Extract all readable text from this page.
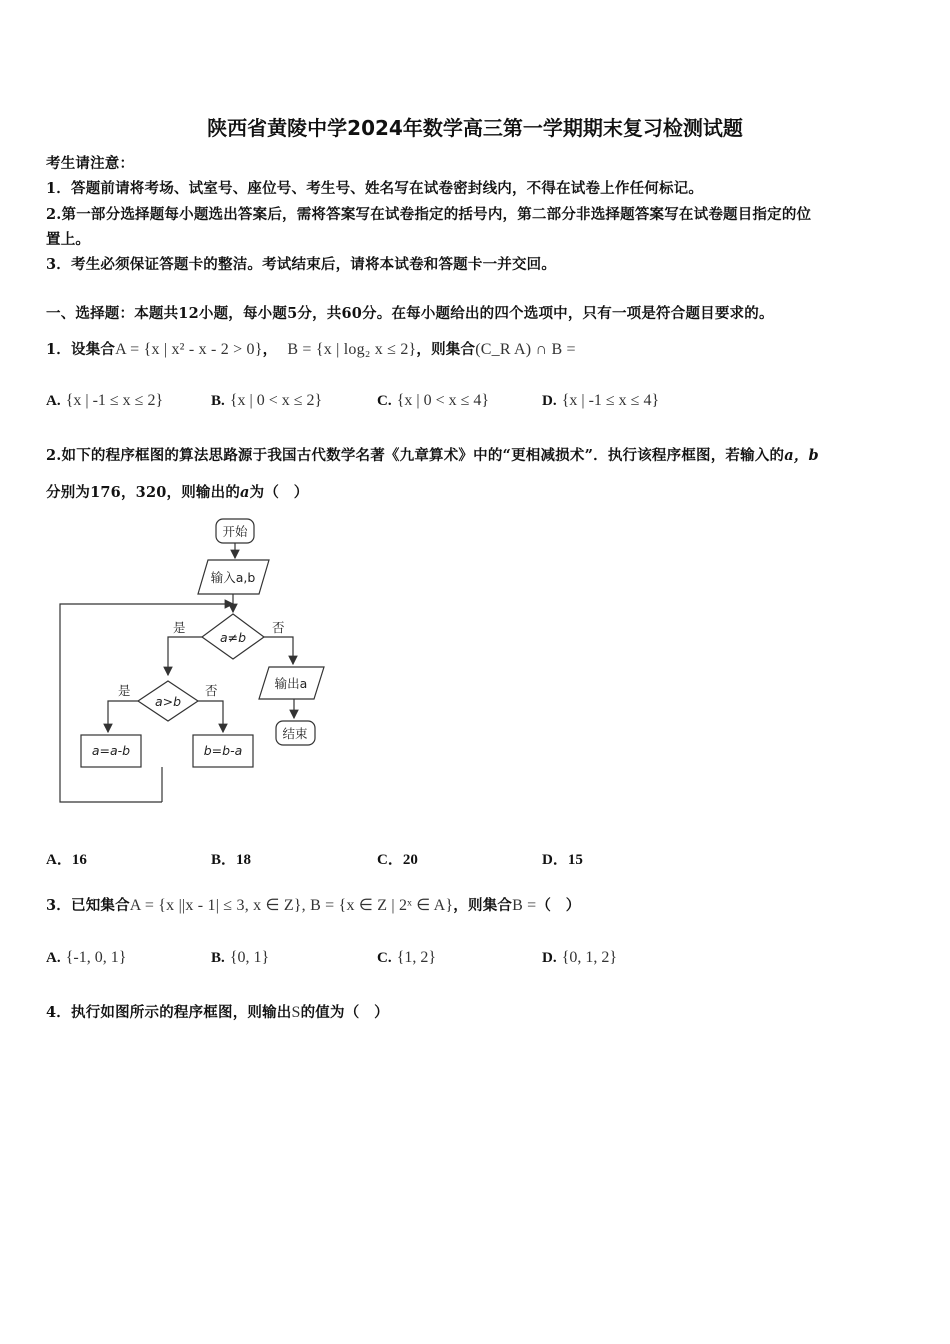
陕西省黄陵中学2024年数学高三第一学期期末复习检测试题
考生请注意：
1．答题前请将考场、试室号、座位号、考生号、姓名写在试卷密封线内，不得在试卷上作任何标记。
2.第一部分选择题每小题选出答案后，需将答案写在试卷指定的括号内，第二部分非选择题答案写在试卷题目指定的位
置上。
3．考生必须保证答题卡的整洁。考试结束后，请将本试卷和答题卡一并交回。
一、选择题：本题共12小题，每小题5分，共60分。在每小题给出的四个选项中，只有一项是符合题目要求的。
1．设集合A = {x | x² - x - 2 > 0}， B = {x | log₂ x ≤ 2}，则集合(C_R A) ∩ B =
A. {x | -1 ≤ x ≤ 2}	B. {x | 0 < x ≤ 2}	C. {x | 0 < x ≤ 4}	D. {x | -1 ≤ x ≤ 4}
2.如下的程序框图的算法思路源于我国古代数学名著《九章算术》中的“更相减损术”．执行该程序框图，若输入的a，b
分别为176，320，则输出的a为（　）
开始
输入a,b
a≠b
是	否
输出a
结束
a>b
是	否
a=a-b	b=b-a
A．16	B．18	C．20	D．15
3．已知集合A = {x ||x - 1| ≤ 3, x ∈ Z}, B = {x ∈ Z | 2ˣ ∈ A}，则集合B =（　）
A. {-1, 0, 1}	B. {0, 1}	C. {1, 2}	D. {0, 1, 2}
4．执行如图所示的程序框图，则输出S的值为（　）
